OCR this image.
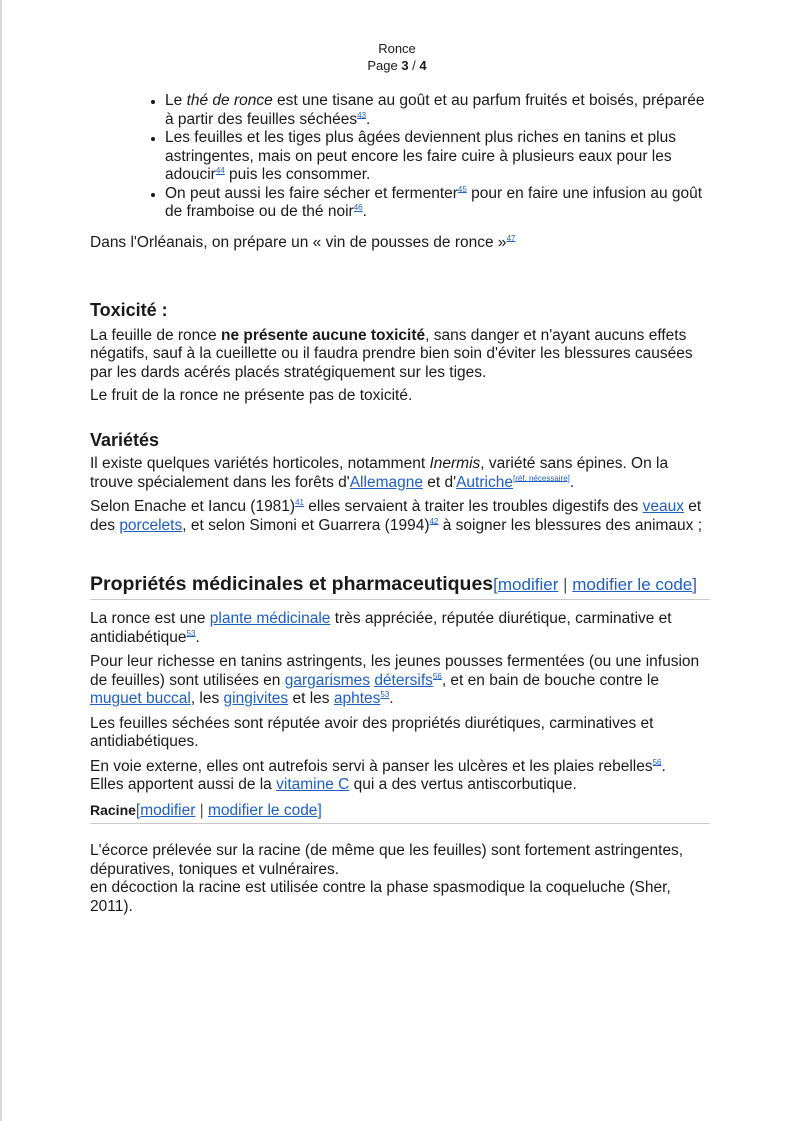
Ronce
Page 3 / 4
• Le thé de ronce est une tisane au goût et au parfum fruités et boisés, préparée à partir des feuilles séchées$^{43}$.
• Les feuilles et les tiges plus âgées deviennent plus riches en tanins et plus astringentes, mais on peut encore les faire cuire à plusieurs eaux pour les adoucir$^{44}$ puis les consommer.
• On peut aussi les faire sécher et fermenter$^{45}$ pour en faire une infusion au goût de framboise ou de thé noir$^{46}$.

Dans l'Orléanais, on prépare un « vin de pousses de ronce »$^{47}$

Toxicité :

La feuille de ronce ne présente aucune toxicité, sans danger et n'ayant aucuns effets négatifs, sauf à la cueillette ou il faudra prendre bien soin d'éviter les blessures causées par les dards acérés placés stratégiquement sur les tiges.

Le fruit de la ronce ne présente pas de toxicité.

Variétés

Il existe quelques variétés horticoles, notamment Inermis, variété sans épines. On la trouve spécialement dans les forêts d'Allemagne et d'Autriche[réf. nécessaire].

Selon Enache et Iancu (1981)$^{41}$ elles servaient à traiter les troubles digestifs des veaux et des porcelets, et selon Simoni et Guarrera (1994)$^{42}$ à soigner les blessures des animaux ;

Propriétés médicinales et pharmaceutiques[modifier | modifier le code]

La ronce est une plante médicinale très appréciée, réputée diurétique, carminative et antidiabétique$^{53}$.

Pour leur richesse en tanins astringents, les jeunes pousses fermentées (ou une infusion de feuilles) sont utilisées en gargarismes détersifs$^{56}$, et en bain de bouche contre le muguet buccal, les gingivites et les aphtes$^{53}$.

Les feuilles séchées sont réputée avoir des propriétés diurétiques, carminatives et antidiabétiques.

En voie externe, elles ont autrefois servi à panser les ulcères et les plaies rebelles$^{56}$.
Elles apportent aussi de la vitamine C qui a des vertus antiscorbutique.

Racine[modifier | modifier le code]

L'écorce prélevée sur la racine (de même que les feuilles) sont fortement astringentes, dépuratives, toniques et vulnéraires.

en décoction la racine est utilisée contre la phase spasmodique la coqueluche (Sher, 2011).
